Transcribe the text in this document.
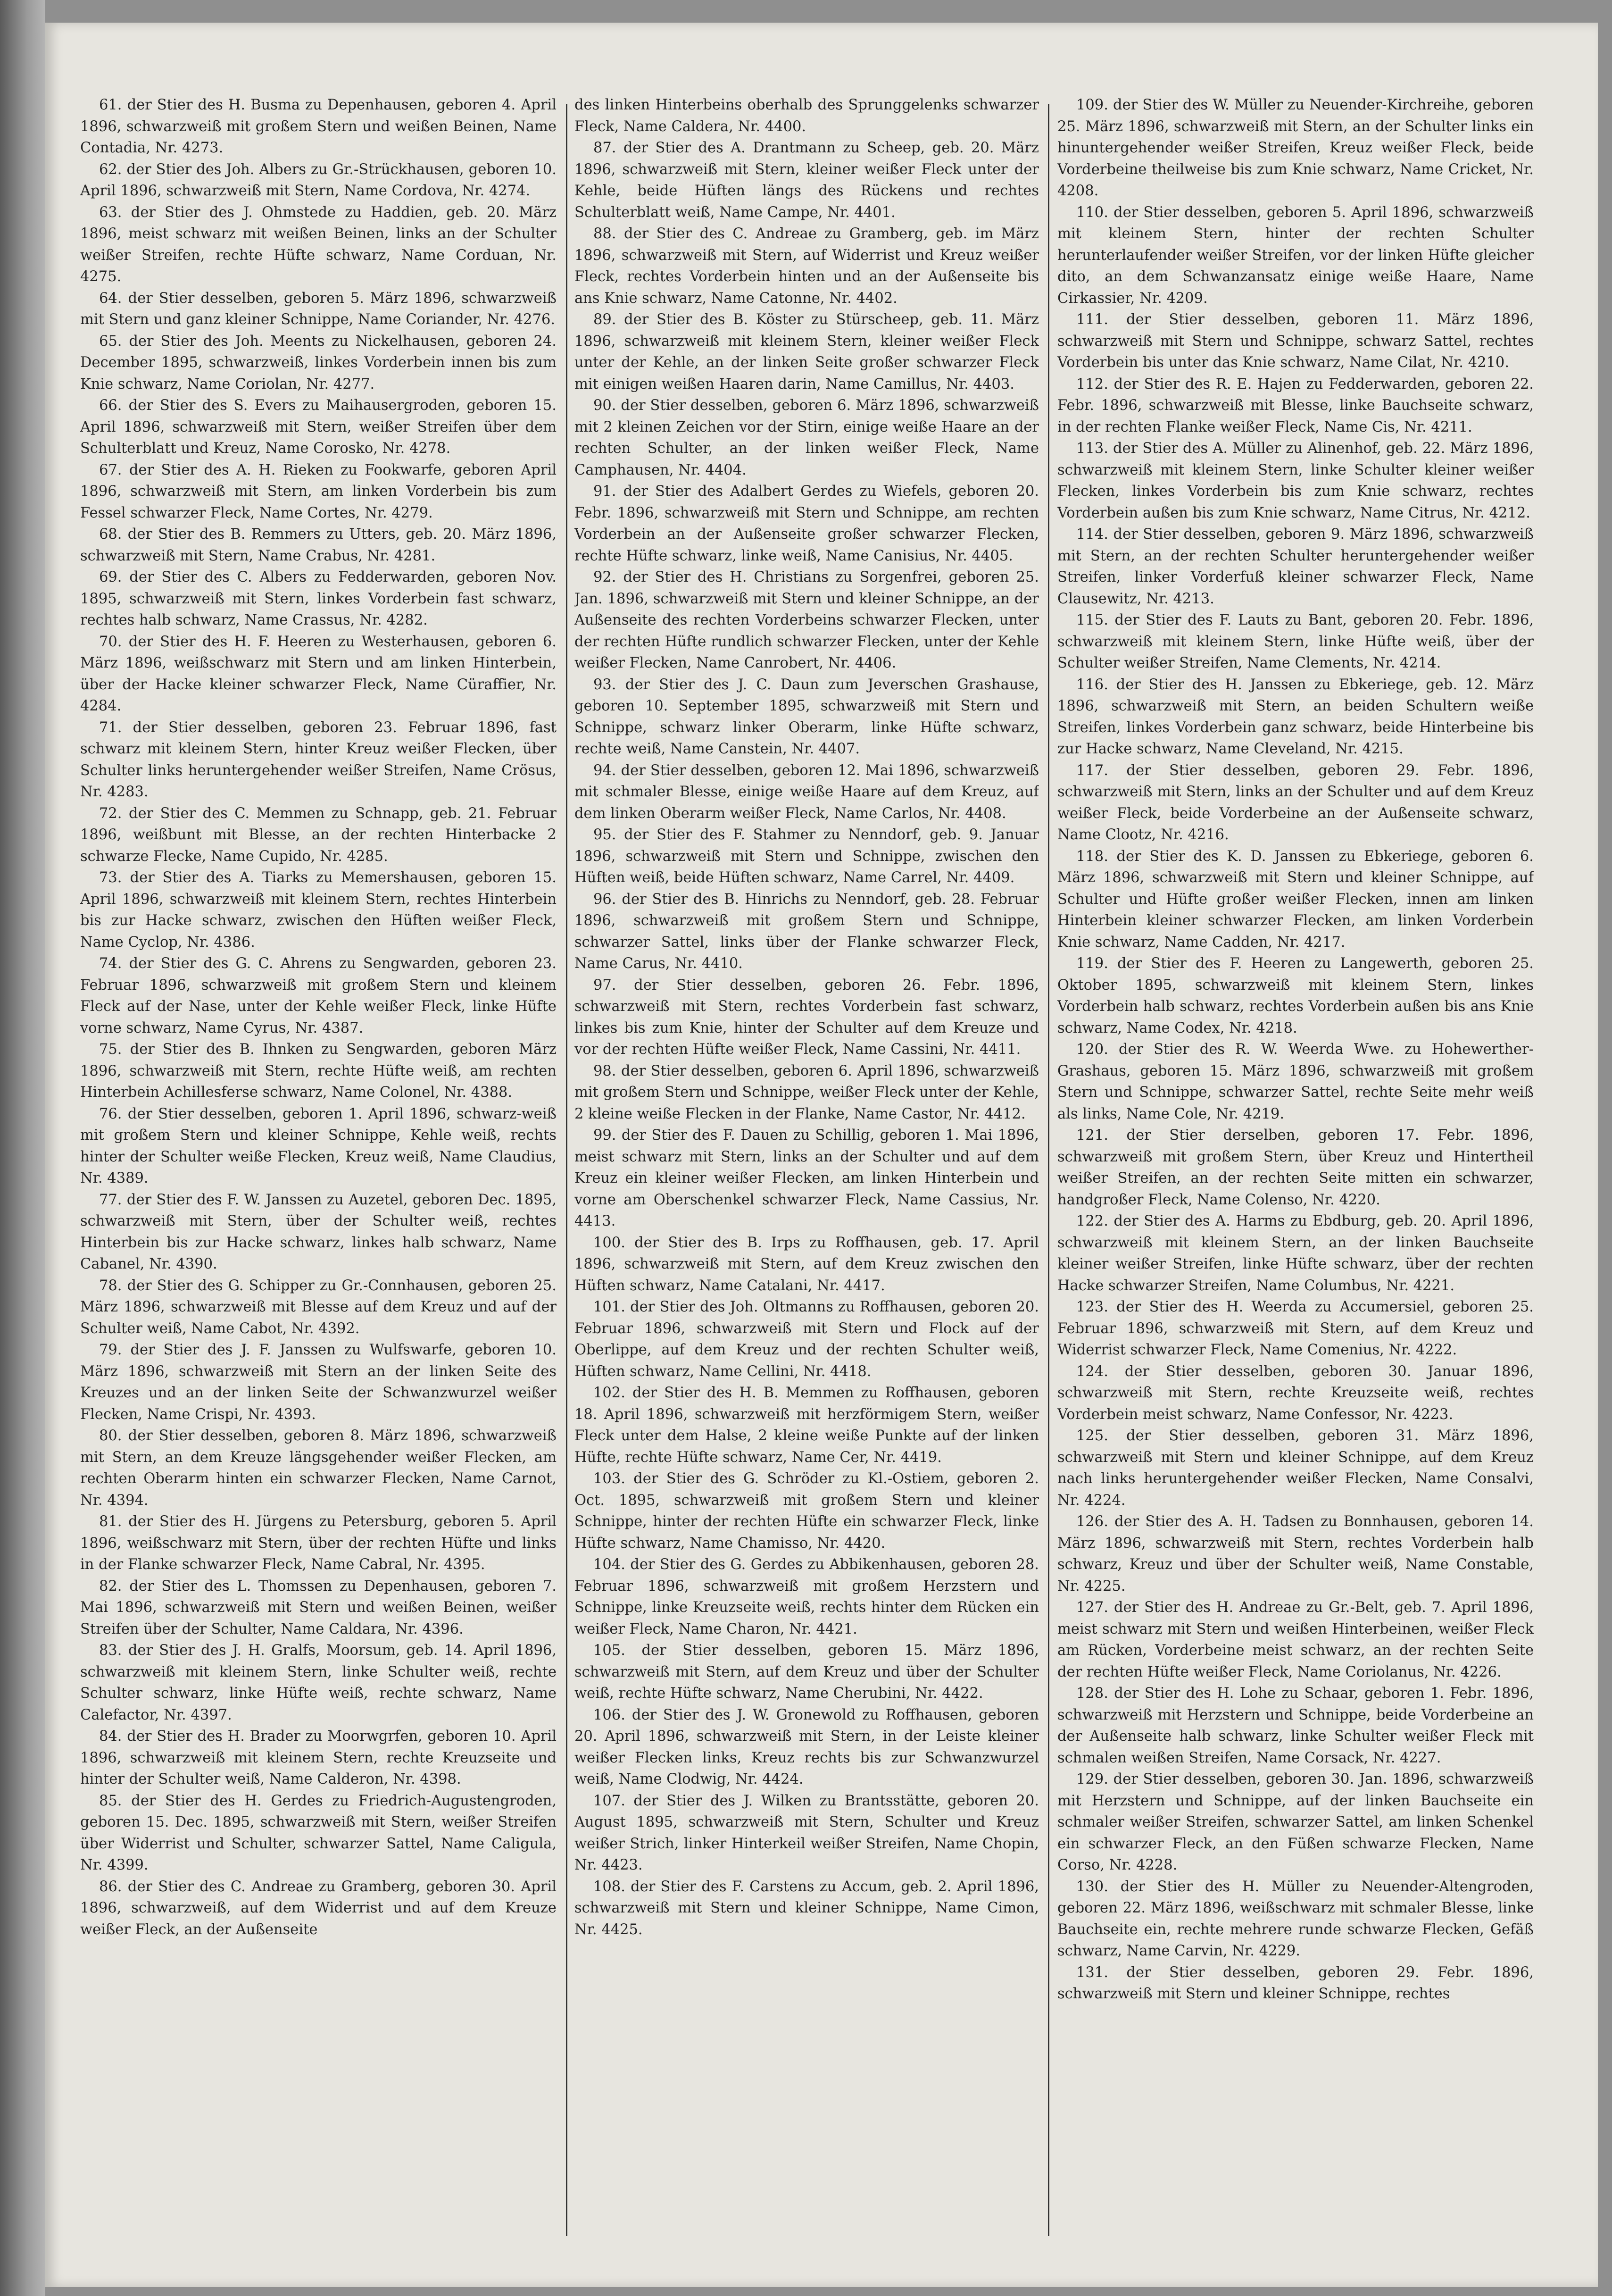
61. der Stier des H. Busma zu Depenhausen, geboren 4. April 1896, schwarzweiß mit großem Stern und weißen Beinen, Name Contadia, Nr. 4273.

62. der Stier des Joh. Albers zu Gr.-Strückhausen, geboren 10. April 1896, schwarzweiß mit Stern, Name Cordova, Nr. 4274.

63. der Stier des J. Ohmstede zu Haddien, geb. 20. März 1896, meist schwarz mit weißen Beinen, links an der Schulter weißer Streifen, rechte Hüfte schwarz, Name Corduan, Nr. 4275.

64. der Stier desselben, geboren 5. März 1896, schwarzweiß mit Stern und ganz kleiner Schnippe, Name Coriander, Nr. 4276.

65. der Stier des Joh. Meents zu Nickelhausen, geboren 24. December 1895, schwarzweiß, linkes Vorderbein innen bis zum Knie schwarz, Name Coriolan, Nr. 4277.

66. der Stier des S. Evers zu Maihausergroden, geboren 15. April 1896, schwarzweiß mit Stern, weißer Streifen über dem Schulterblatt und Kreuz, Name Corosko, Nr. 4278.

67. der Stier des A. H. Rieken zu Fookwarfe, geboren April 1896, schwarzweiß mit Stern, am linken Vorderbein bis zum Fessel schwarzer Fleck, Name Cortes, Nr. 4279.

68. der Stier des B. Remmers zu Utters, geb. 20. März 1896, schwarzweiß mit Stern, Name Crabus, Nr. 4281.

69. der Stier des C. Albers zu Fedderwarden, geboren Nov. 1895, schwarzweiß mit Stern, linkes Vorderbein fast schwarz, rechtes halb schwarz, Name Crassus, Nr. 4282.

70. der Stier des H. F. Heeren zu Westerhausen, geboren 6. März 1896, weißschwarz mit Stern und am linken Hinterbein, über der Hacke kleiner schwarzer Fleck, Name Cüraffier, Nr. 4284.

71. der Stier desselben, geboren 23. Februar 1896, fast schwarz mit kleinem Stern, hinter Kreuz weißer Flecken, über Schulter links heruntergehender weißer Streifen, Name Crösus, Nr. 4283.

72. der Stier des C. Memmen zu Schnapp, geb. 21. Februar 1896, weißbunt mit Blesse, an der rechten Hinterbacke 2 schwarze Flecke, Name Cupido, Nr. 4285.

73. der Stier des A. Tiarks zu Memershausen, geboren 15. April 1896, schwarzweiß mit kleinem Stern, rechtes Hinterbein bis zur Hacke schwarz, zwischen den Hüften weißer Fleck, Name Cyclop, Nr. 4386.

74. der Stier des G. C. Ahrens zu Sengwarden, geboren 23. Februar 1896, schwarzweiß mit großem Stern und kleinem Fleck auf der Nase, unter der Kehle weißer Fleck, linke Hüfte vorne schwarz, Name Cyrus, Nr. 4387.

75. der Stier des B. Ihnken zu Sengwarden, geboren März 1896, schwarzweiß mit Stern, rechte Hüfte weiß, am rechten Hinterbein Achillesferse schwarz, Name Colonel, Nr. 4388.

76. der Stier desselben, geboren 1. April 1896, schwarz-weiß mit großem Stern und kleiner Schnippe, Kehle weiß, rechts hinter der Schulter weiße Flecken, Kreuz weiß, Name Claudius, Nr. 4389.

77. der Stier des F. W. Janssen zu Auzetel, geboren Dec. 1895, schwarzweiß mit Stern, über der Schulter weiß, rechtes Hinterbein bis zur Hacke schwarz, linkes halb schwarz, Name Cabanel, Nr. 4390.

78. der Stier des G. Schipper zu Gr.-Connhausen, geboren 25. März 1896, schwarzweiß mit Blesse auf dem Kreuz und auf der Schulter weiß, Name Cabot, Nr. 4392.

79. der Stier des J. F. Janssen zu Wulfswarfe, geboren 10. März 1896, schwarzweiß mit Stern an der linken Seite des Kreuzes und an der linken Seite der Schwanzwurzel weißer Flecken, Name Crispi, Nr. 4393.

80. der Stier desselben, geboren 8. März 1896, schwarzweiß mit Stern, an dem Kreuze längsgehender weißer Flecken, am rechten Oberarm hinten ein schwarzer Flecken, Name Carnot, Nr. 4394.

81. der Stier des H. Jürgens zu Petersburg, geboren 5. April 1896, weißschwarz mit Stern, über der rechten Hüfte und links in der Flanke schwarzer Fleck, Name Cabral, Nr. 4395.

82. der Stier des L. Thomssen zu Depenhausen, geboren 7. Mai 1896, schwarzweiß mit Stern und weißen Beinen, weißer Streifen über der Schulter, Name Caldara, Nr. 4396.

83. der Stier des J. H. Gralfs, Moorsum, geb. 14. April 1896, schwarzweiß mit kleinem Stern, linke Schulter weiß, rechte Schulter schwarz, linke Hüfte weiß, rechte schwarz, Name Calefactor, Nr. 4397.

84. der Stier des H. Brader zu Moorwgrfen, geboren 10. April 1896, schwarzweiß mit kleinem Stern, rechte Kreuzseite und hinter der Schulter weiß, Name Calderon, Nr. 4398.

85. der Stier des H. Gerdes zu Friedrich-Augustengroden, geboren 15. Dec. 1895, schwarzweiß mit Stern, weißer Streifen über Widerrist und Schulter, schwarzer Sattel, Name Caligula, Nr. 4399.

86. der Stier des C. Andreae zu Gramberg, geboren 30. April 1896, schwarzweiß, auf dem Widerrist und auf dem Kreuze weißer Fleck, an der Außenseite

des linken Hinterbeins oberhalb des Sprunggelenks schwarzer Fleck, Name Caldera, Nr. 4400.

87. der Stier des A. Drantmann zu Scheep, geb. 20. März 1896, schwarzweiß mit Stern, kleiner weißer Fleck unter der Kehle, beide Hüften längs des Rückens und rechtes Schulterblatt weiß, Name Campe, Nr. 4401.

88. der Stier des C. Andreae zu Gramberg, geb. im März 1896, schwarzweiß mit Stern, auf Widerrist und Kreuz weißer Fleck, rechtes Vorderbein hinten und an der Außenseite bis ans Knie schwarz, Name Catonne, Nr. 4402.

89. der Stier des B. Köster zu Stürscheep, geb. 11. März 1896, schwarzweiß mit kleinem Stern, kleiner weißer Fleck unter der Kehle, an der linken Seite großer schwarzer Fleck mit einigen weißen Haaren darin, Name Camillus, Nr. 4403.

90. der Stier desselben, geboren 6. März 1896, schwarzweiß mit 2 kleinen Zeichen vor der Stirn, einige weiße Haare an der rechten Schulter, an der linken weißer Fleck, Name Camphausen, Nr. 4404.

91. der Stier des Adalbert Gerdes zu Wiefels, geboren 20. Febr. 1896, schwarzweiß mit Stern und Schnippe, am rechten Vorderbein an der Außenseite großer schwarzer Flecken, rechte Hüfte schwarz, linke weiß, Name Canisius, Nr. 4405.

92. der Stier des H. Christians zu Sorgenfrei, geboren 25. Jan. 1896, schwarzweiß mit Stern und kleiner Schnippe, an der Außenseite des rechten Vorderbeins schwarzer Flecken, unter der rechten Hüfte rundlich schwarzer Flecken, unter der Kehle weißer Flecken, Name Canrobert, Nr. 4406.

93. der Stier des J. C. Daun zum Jeverschen Grashause, geboren 10. September 1895, schwarzweiß mit Stern und Schnippe, schwarz linker Oberarm, linke Hüfte schwarz, rechte weiß, Name Canstein, Nr. 4407.

94. der Stier desselben, geboren 12. Mai 1896, schwarzweiß mit schmaler Blesse, einige weiße Haare auf dem Kreuz, auf dem linken Oberarm weißer Fleck, Name Carlos, Nr. 4408.

95. der Stier des F. Stahmer zu Nenndorf, geb. 9. Januar 1896, schwarzweiß mit Stern und Schnippe, zwischen den Hüften weiß, beide Hüften schwarz, Name Carrel, Nr. 4409.

96. der Stier des B. Hinrichs zu Nenndorf, geb. 28. Februar 1896, schwarzweiß mit großem Stern und Schnippe, schwarzer Sattel, links über der Flanke schwarzer Fleck, Name Carus, Nr. 4410.

97. der Stier desselben, geboren 26. Febr. 1896, schwarzweiß mit Stern, rechtes Vorderbein fast schwarz, linkes bis zum Knie, hinter der Schulter auf dem Kreuze und vor der rechten Hüfte weißer Fleck, Name Cassini, Nr. 4411.

98. der Stier desselben, geboren 6. April 1896, schwarzweiß mit großem Stern und Schnippe, weißer Fleck unter der Kehle, 2 kleine weiße Flecken in der Flanke, Name Castor, Nr. 4412.

99. der Stier des F. Dauen zu Schillig, geboren 1. Mai 1896, meist schwarz mit Stern, links an der Schulter und auf dem Kreuz ein kleiner weißer Flecken, am linken Hinterbein und vorne am Oberschenkel schwarzer Fleck, Name Cassius, Nr. 4413.

100. der Stier des B. Irps zu Roffhausen, geb. 17. April 1896, schwarzweiß mit Stern, auf dem Kreuz zwischen den Hüften schwarz, Name Catalani, Nr. 4417.

101. der Stier des Joh. Oltmanns zu Roffhausen, geboren 20. Februar 1896, schwarzweiß mit Stern und Flock auf der Oberlippe, auf dem Kreuz und der rechten Schulter weiß, Hüften schwarz, Name Cellini, Nr. 4418.

102. der Stier des H. B. Memmen zu Roffhausen, geboren 18. April 1896, schwarzweiß mit herzförmigem Stern, weißer Fleck unter dem Halse, 2 kleine weiße Punkte auf der linken Hüfte, rechte Hüfte schwarz, Name Cer, Nr. 4419.

103. der Stier des G. Schröder zu Kl.-Ostiem, geboren 2. Oct. 1895, schwarzweiß mit großem Stern und kleiner Schnippe, hinter der rechten Hüfte ein schwarzer Fleck, linke Hüfte schwarz, Name Chamisso, Nr. 4420.

104. der Stier des G. Gerdes zu Abbikenhausen, geboren 28. Februar 1896, schwarzweiß mit großem Herzstern und Schnippe, linke Kreuzseite weiß, rechts hinter dem Rücken ein weißer Fleck, Name Charon, Nr. 4421.

105. der Stier desselben, geboren 15. März 1896, schwarzweiß mit Stern, auf dem Kreuz und über der Schulter weiß, rechte Hüfte schwarz, Name Cherubini, Nr. 4422.

106. der Stier des J. W. Gronewold zu Roffhausen, geboren 20. April 1896, schwarzweiß mit Stern, in der Leiste kleiner weißer Flecken links, Kreuz rechts bis zur Schwanzwurzel weiß, Name Clodwig, Nr. 4424.

107. der Stier des J. Wilken zu Brantsstätte, geboren 20. August 1895, schwarzweiß mit Stern, Schulter und Kreuz weißer Strich, linker Hinterkeil weißer Streifen, Name Chopin, Nr. 4423.

108. der Stier des F. Carstens zu Accum, geb. 2. April 1896, schwarzweiß mit Stern und kleiner Schnippe, Name Cimon, Nr. 4425.

109. der Stier des W. Müller zu Neuender-Kirchreihe, geboren 25. März 1896, schwarzweiß mit Stern, an der Schulter links ein hinuntergehender weißer Streifen, Kreuz weißer Fleck, beide Vorderbeine theilweise bis zum Knie schwarz, Name Cricket, Nr. 4208.

110. der Stier desselben, geboren 5. April 1896, schwarzweiß mit kleinem Stern, hinter der rechten Schulter herunterlaufender weißer Streifen, vor der linken Hüfte gleicher dito, an dem Schwanzansatz einige weiße Haare, Name Cirkassier, Nr. 4209.

111. der Stier desselben, geboren 11. März 1896, schwarzweiß mit Stern und Schnippe, schwarz Sattel, rechtes Vorderbein bis unter das Knie schwarz, Name Cilat, Nr. 4210.

112. der Stier des R. E. Hajen zu Fedderwarden, geboren 22. Febr. 1896, schwarzweiß mit Blesse, linke Bauchseite schwarz, in der rechten Flanke weißer Fleck, Name Cis, Nr. 4211.

113. der Stier des A. Müller zu Alinenhof, geb. 22. März 1896, schwarzweiß mit kleinem Stern, linke Schulter kleiner weißer Flecken, linkes Vorderbein bis zum Knie schwarz, rechtes Vorderbein außen bis zum Knie schwarz, Name Citrus, Nr. 4212.

114. der Stier desselben, geboren 9. März 1896, schwarzweiß mit Stern, an der rechten Schulter heruntergehender weißer Streifen, linker Vorderfuß kleiner schwarzer Fleck, Name Clausewitz, Nr. 4213.

115. der Stier des F. Lauts zu Bant, geboren 20. Febr. 1896, schwarzweiß mit kleinem Stern, linke Hüfte weiß, über der Schulter weißer Streifen, Name Clements, Nr. 4214.

116. der Stier des H. Janssen zu Ebkeriege, geb. 12. März 1896, schwarzweiß mit Stern, an beiden Schultern weiße Streifen, linkes Vorderbein ganz schwarz, beide Hinterbeine bis zur Hacke schwarz, Name Cleveland, Nr. 4215.

117. der Stier desselben, geboren 29. Febr. 1896, schwarzweiß mit Stern, links an der Schulter und auf dem Kreuz weißer Fleck, beide Vorderbeine an der Außenseite schwarz, Name Clootz, Nr. 4216.

118. der Stier des K. D. Janssen zu Ebkeriege, geboren 6. März 1896, schwarzweiß mit Stern und kleiner Schnippe, auf Schulter und Hüfte großer weißer Flecken, innen am linken Hinterbein kleiner schwarzer Flecken, am linken Vorderbein Knie schwarz, Name Cadden, Nr. 4217.

119. der Stier des F. Heeren zu Langewerth, geboren 25. Oktober 1895, schwarzweiß mit kleinem Stern, linkes Vorderbein halb schwarz, rechtes Vorderbein außen bis ans Knie schwarz, Name Codex, Nr. 4218.

120. der Stier des R. W. Weerda Wwe. zu Hohewerther-Grashaus, geboren 15. März 1896, schwarzweiß mit großem Stern und Schnippe, schwarzer Sattel, rechte Seite mehr weiß als links, Name Cole, Nr. 4219.

121. der Stier derselben, geboren 17. Febr. 1896, schwarzweiß mit großem Stern, über Kreuz und Hintertheil weißer Streifen, an der rechten Seite mitten ein schwarzer, handgroßer Fleck, Name Colenso, Nr. 4220.

122. der Stier des A. Harms zu Ebdburg, geb. 20. April 1896, schwarzweiß mit kleinem Stern, an der linken Bauchseite kleiner weißer Streifen, linke Hüfte schwarz, über der rechten Hacke schwarzer Streifen, Name Columbus, Nr. 4221.

123. der Stier des H. Weerda zu Accumersiel, geboren 25. Februar 1896, schwarzweiß mit Stern, auf dem Kreuz und Widerrist schwarzer Fleck, Name Comenius, Nr. 4222.

124. der Stier desselben, geboren 30. Januar 1896, schwarzweiß mit Stern, rechte Kreuzseite weiß, rechtes Vorderbein meist schwarz, Name Confessor, Nr. 4223.

125. der Stier desselben, geboren 31. März 1896, schwarzweiß mit Stern und kleiner Schnippe, auf dem Kreuz nach links heruntergehender weißer Flecken, Name Consalvi, Nr. 4224.

126. der Stier des A. H. Tadsen zu Bonnhausen, geboren 14. März 1896, schwarzweiß mit Stern, rechtes Vorderbein halb schwarz, Kreuz und über der Schulter weiß, Name Constable, Nr. 4225.

127. der Stier des H. Andreae zu Gr.-Belt, geb. 7. April 1896, meist schwarz mit Stern und weißen Hinterbeinen, weißer Fleck am Rücken, Vorderbeine meist schwarz, an der rechten Seite der rechten Hüfte weißer Fleck, Name Coriolanus, Nr. 4226.

128. der Stier des H. Lohe zu Schaar, geboren 1. Febr. 1896, schwarzweiß mit Herzstern und Schnippe, beide Vorderbeine an der Außenseite halb schwarz, linke Schulter weißer Fleck mit schmalen weißen Streifen, Name Corsack, Nr. 4227.

129. der Stier desselben, geboren 30. Jan. 1896, schwarzweiß mit Herzstern und Schnippe, auf der linken Bauchseite ein schmaler weißer Streifen, schwarzer Sattel, am linken Schenkel ein schwarzer Fleck, an den Füßen schwarze Flecken, Name Corso, Nr. 4228.

130. der Stier des H. Müller zu Neuender-Altengroden, geboren 22. März 1896, weißschwarz mit schmaler Blesse, linke Bauchseite ein, rechte mehrere runde schwarze Flecken, Gefäß schwarz, Name Carvin, Nr. 4229.

131. der Stier desselben, geboren 29. Febr. 1896, schwarzweiß mit Stern und kleiner Schnippe, rechtes
